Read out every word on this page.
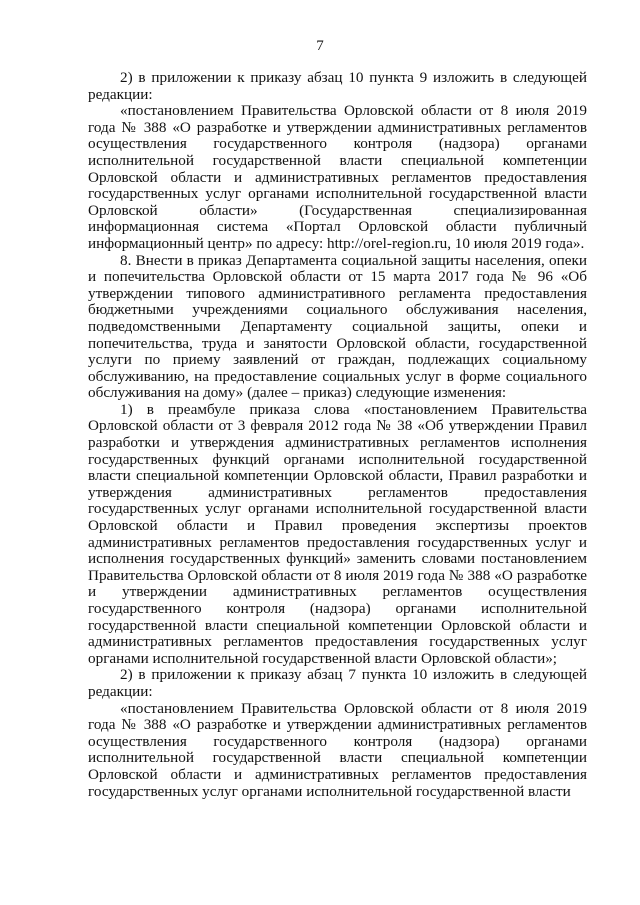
7

2) в приложении к приказу абзац 10 пункта 9 изложить в следующей редакции:

«постановлением Правительства Орловской области от 8 июля 2019 года № 388 «О разработке и утверждении административных регламентов осуществления государственного контроля (надзора) органами исполнительной государственной власти специальной компетенции Орловской области и административных регламентов предоставления государственных услуг органами исполнительной государственной власти Орловской области» (Государственная специализированная информационная система «Портал Орловской области публичный информационный центр» по адресу: http://orel-region.ru, 10 июля 2019 года».

8. Внести в приказ Департамента социальной защиты населения, опеки и попечительства Орловской области от 15 марта 2017 года № 96 «Об утверждении типового административного регламента предоставления бюджетными учреждениями социального обслуживания населения, подведомственными Департаменту социальной защиты, опеки и попечительства, труда и занятости Орловской области, государственной услуги по приему заявлений от граждан, подлежащих социальному обслуживанию, на предоставление социальных услуг в форме социального обслуживания на дому» (далее – приказ) следующие изменения:

1) в преамбуле приказа слова «постановлением Правительства Орловской области от 3 февраля 2012 года № 38 «Об утверждении Правил разработки и утверждения административных регламентов исполнения государственных функций органами исполнительной государственной власти специальной компетенции Орловской области, Правил разработки и утверждения административных регламентов предоставления государственных услуг органами исполнительной государственной власти Орловской области и Правил проведения экспертизы проектов административных регламентов предоставления государственных услуг и исполнения государственных функций» заменить словами постановлением Правительства Орловской области от 8 июля 2019 года № 388 «О разработке и утверждении административных регламентов осуществления государственного контроля (надзора) органами исполнительной государственной власти специальной компетенции Орловской области и административных регламентов предоставления государственных услуг органами исполнительной государственной власти Орловской области»;

2) в приложении к приказу абзац 7 пункта 10 изложить в следующей редакции:

«постановлением Правительства Орловской области от 8 июля 2019 года № 388 «О разработке и утверждении административных регламентов осуществления государственного контроля (надзора) органами исполнительной государственной власти специальной компетенции Орловской области и административных регламентов предоставления государственных услуг органами исполнительной государственной власти
